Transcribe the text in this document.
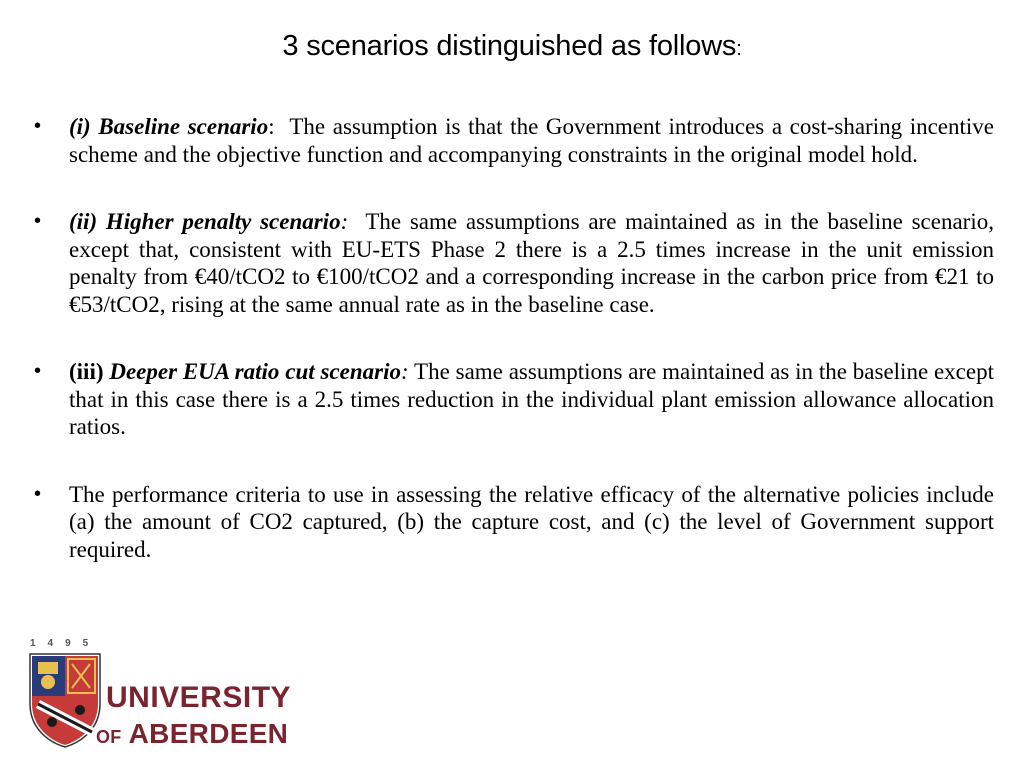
3 scenarios distinguished as follows:
• (i) Baseline scenario:  The assumption is that the Government introduces a cost-sharing incentive scheme and the objective function and accompanying constraints in the original model hold.
• (ii) Higher penalty scenario:  The same assumptions are maintained as in the baseline scenario, except that, consistent with EU-ETS Phase 2 there is a 2.5 times increase in the unit emission penalty from €40/tCO2 to €100/tCO2 and a corresponding increase in the carbon price from €21 to €53/tCO2, rising at the same annual rate as in the baseline case.
• (iii) Deeper EUA ratio cut scenario: The same assumptions are maintained as in the baseline except that in this case there is a 2.5 times reduction in the individual plant emission allowance allocation ratios.
• The performance criteria to use in assessing the relative efficacy of the alternative policies include (a) the amount of CO2 captured, (b) the capture cost, and (c) the level of Government support required.
1495
UNIVERSITY
OF ABERDEEN
